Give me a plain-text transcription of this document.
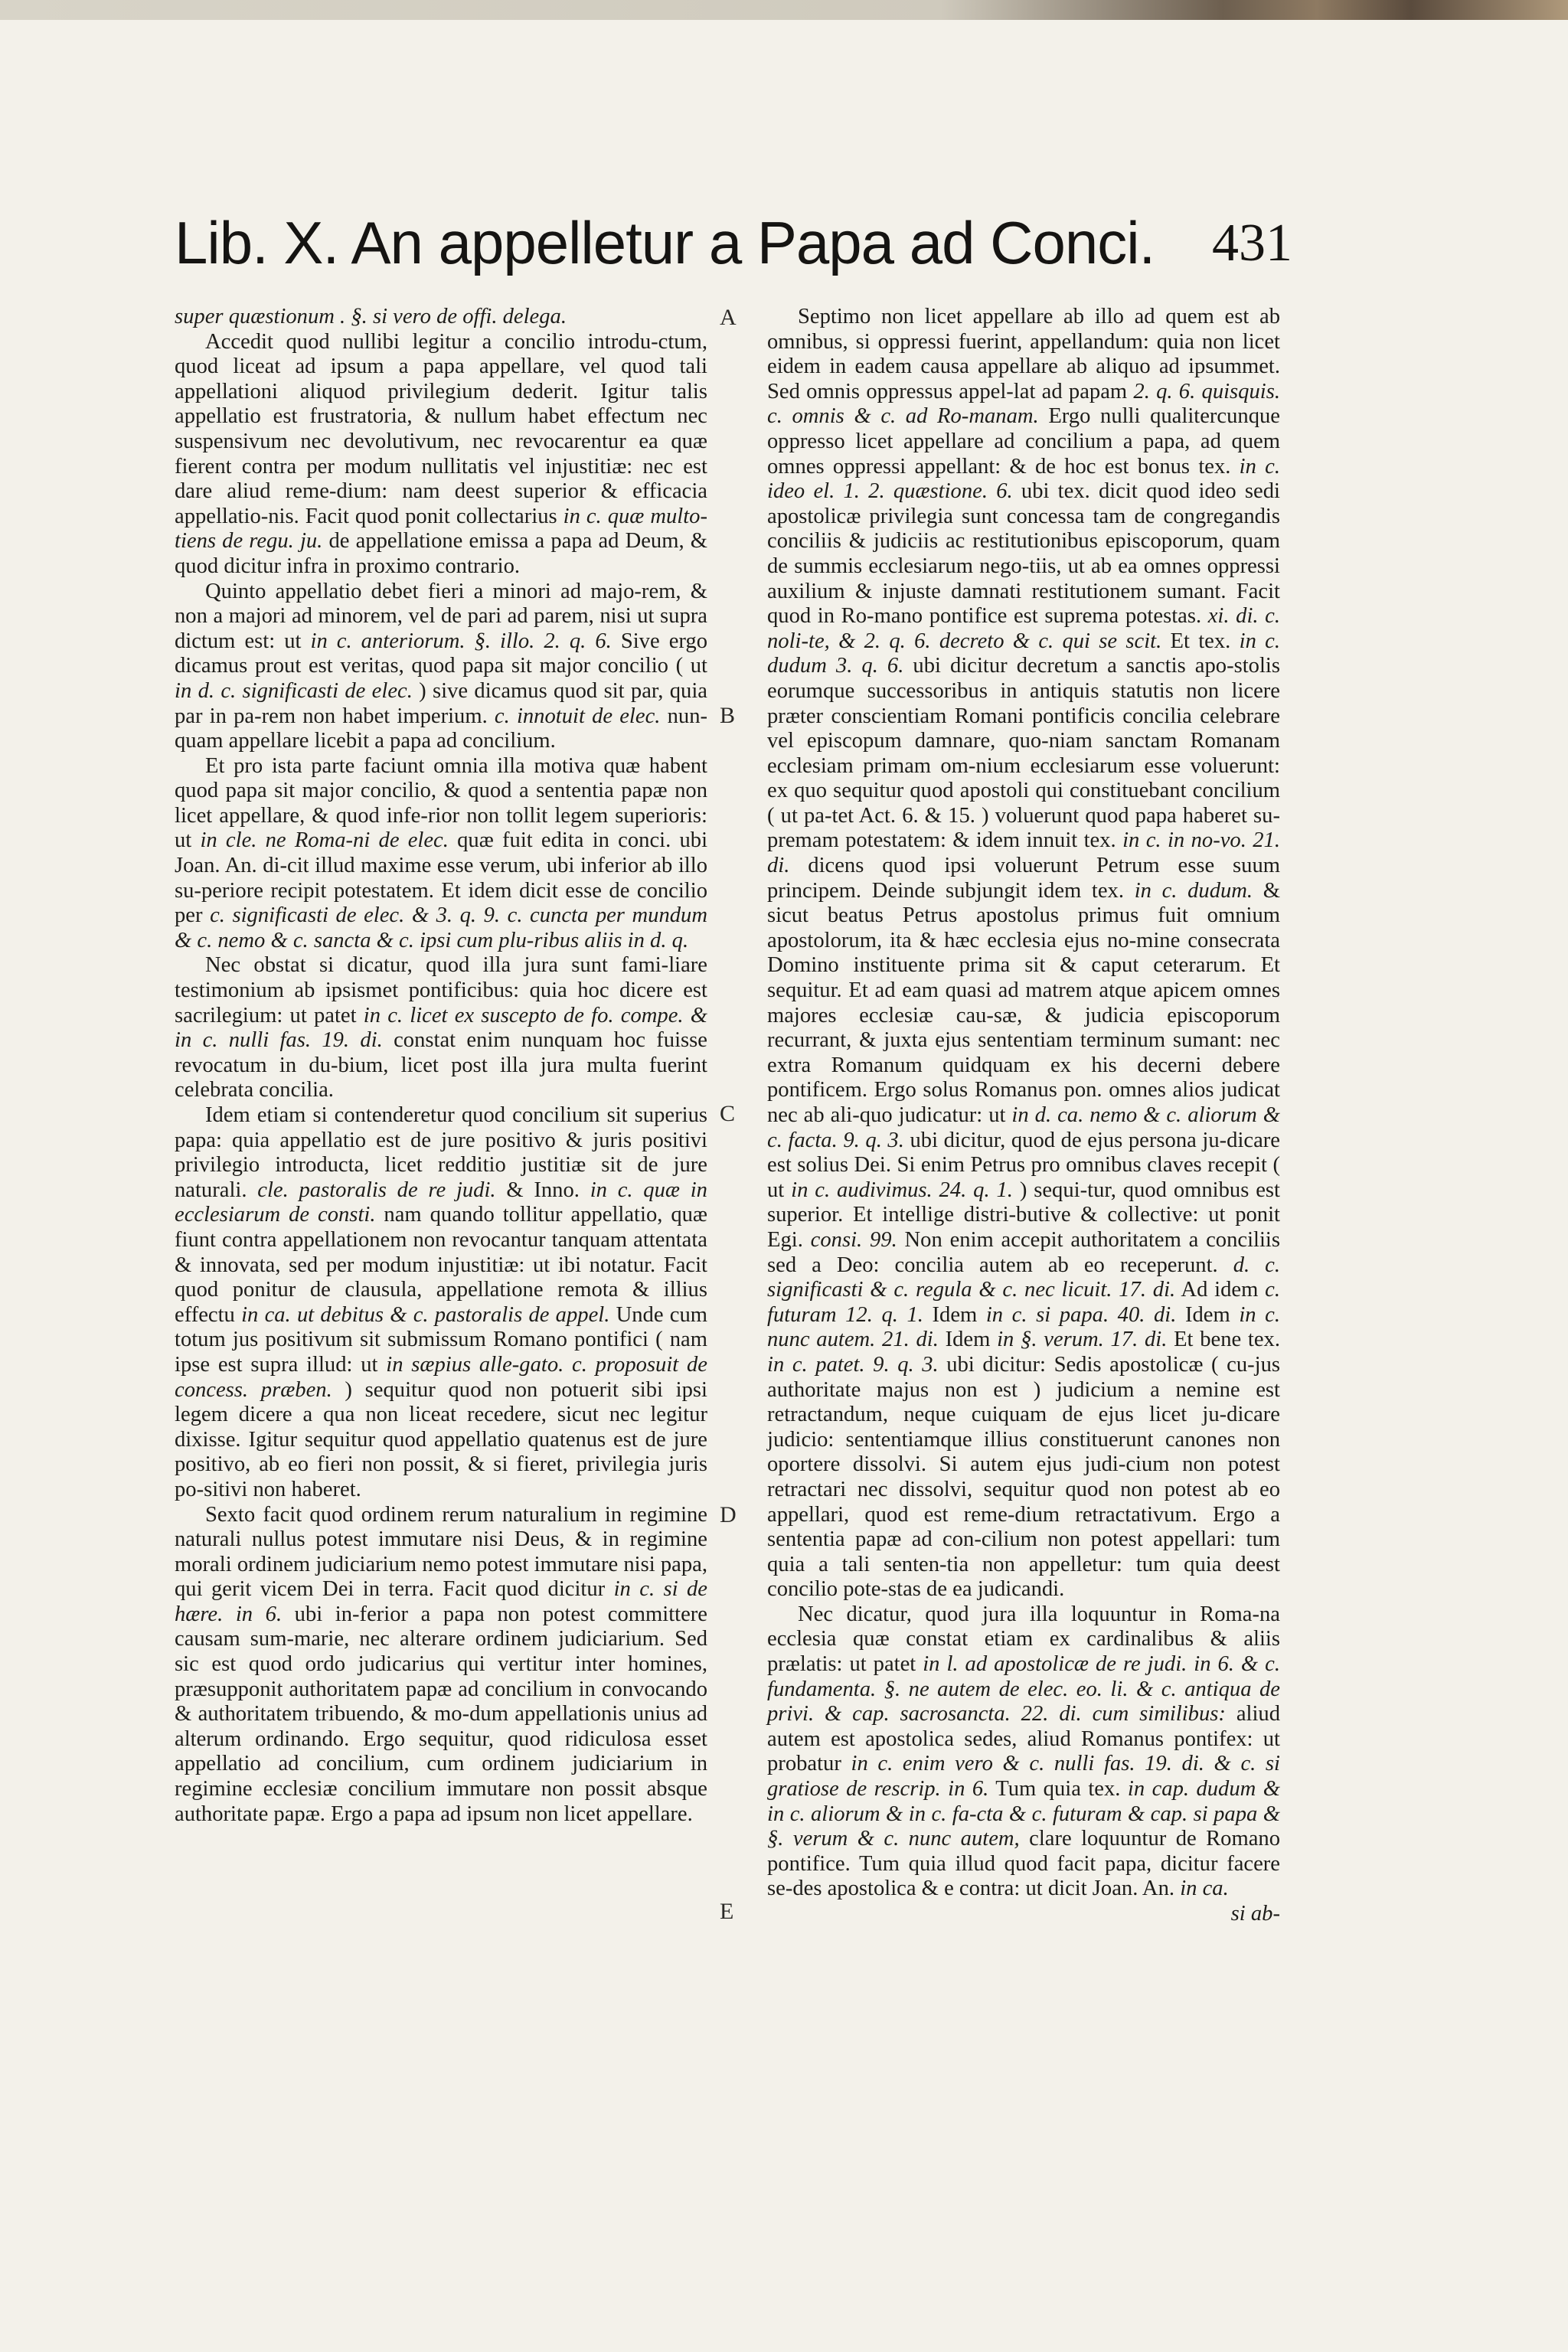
Lib. X. An appelletur a Papa ad Conci. 431

super quæstionum . §. si vero de offi. delega.

Accedit quod nullibi legitur a concilio introdu-ctum, quod liceat ad ipsum a papa appellare, vel quod tali appellationi aliquod privilegium dederit. Igitur talis appellatio est frustratoria, & nullum habet effectum nec suspensivum nec devolutivum, nec revocarentur ea quæ fierent contra per modum nullitatis vel injustitiæ: nec est dare aliud reme-dium: nam deest superior & efficacia appellatio-nis. Facit quod ponit collectarius in c. quæ multo-tiens de regu. ju. de appellatione emissa a papa ad Deum, & quod dicitur infra in proximo contrario.

Quinto appellatio debet fieri a minori ad majo-rem, & non a majori ad minorem, vel de pari ad parem, nisi ut supra dictum est: ut in c. anteriorum. §. illo. 2. q. 6. Sive ergo dicamus prout est veritas, quod papa sit major concilio ( ut in d. c. significasti de elec. ) sive dicamus quod sit par, quia par in pa-rem non habet imperium. c. innotuit de elec. nun-quam appellare licebit a papa ad concilium.

Et pro ista parte faciunt omnia illa motiva quæ habent quod papa sit major concilio, & quod a sententia papæ non licet appellare, & quod infe-rior non tollit legem superioris: ut in cle. ne Roma-ni de elec. quæ fuit edita in conci. ubi Joan. An. di-cit illud maxime esse verum, ubi inferior ab illo su-periore recipit potestatem. Et idem dicit esse de concilio per c. significasti de elec. & 3. q. 9. c. cuncta per mundum & c. nemo & c. sancta & c. ipsi cum plu-ribus aliis in d. q.

Nec obstat si dicatur, quod illa jura sunt fami-liare testimonium ab ipsismet pontificibus: quia hoc dicere est sacrilegium: ut patet in c. licet ex suscepto de fo. compe. & in c. nulli fas. 19. di. constat enim nunquam hoc fuisse revocatum in du-bium, licet post illa jura multa fuerint celebrata concilia.

Idem etiam si contenderetur quod concilium sit superius papa: quia appellatio est de jure positivo & juris positivi privilegio introducta, licet redditio justitiæ sit de jure naturali. cle. pastoralis de re judi. & Inno. in c. quæ in ecclesiarum de consti. nam quando tollitur appellatio, quæ fiunt contra appellationem non revocantur tanquam attentata & innovata, sed per modum injustitiæ: ut ibi notatur. Facit quod ponitur de clausula, appellatione remota & illius effectu in ca. ut debitus & c. pastoralis de appel. Unde cum totum jus positivum sit submissum Romano pontifici ( nam ipse est supra illud: ut in sæpius alle-gato. c. proposuit de concess. præben. ) sequitur quod non potuerit sibi ipsi legem dicere a qua non liceat recedere, sicut nec legitur dixisse. Igitur sequitur quod appellatio quatenus est de jure positivo, ab eo fieri non possit, & si fieret, privilegia juris po-sitivi non haberet.

Sexto facit quod ordinem rerum naturalium in regimine naturali nullus potest immutare nisi Deus, & in regimine morali ordinem judiciarium nemo potest immutare nisi papa, qui gerit vicem Dei in terra. Facit quod dicitur in c. si de hære. in 6. ubi in-ferior a papa non potest committere causam sum-marie, nec alterare ordinem judiciarium. Sed sic est quod ordo judicarius qui vertitur inter homines, præsupponit authoritatem papæ ad concilium in convocando & authoritatem tribuendo, & mo-dum appellationis unius ad alterum ordinando. Ergo sequitur, quod ridiculosa esset appellatio ad concilium, cum ordinem judiciarium in regimine ecclesiæ concilium immutare non possit absque authoritate papæ. Ergo a papa ad ipsum non licet appellare.

Septimo non licet appellare ab illo ad quem est ab omnibus, si oppressi fuerint, appellandum: quia non licet eidem in eadem causa appellare ab aliquo ad ipsummet. Sed omnis oppressus appel-lat ad papam 2. q. 6. quisquis. c. omnis & c. ad Ro-manam. Ergo nulli qualitercunque oppresso licet appellare ad concilium a papa, ad quem omnes oppressi appellant: & de hoc est bonus tex. in c. ideo el. 1. 2. quæstione. 6. ubi tex. dicit quod ideo sedi apostolicæ privilegia sunt concessa tam de congregandis conciliis & judiciis ac restitutionibus episcoporum, quam de summis ecclesiarum nego-tiis, ut ab ea omnes oppressi auxilium & injuste damnati restitutionem sumant. Facit quod in Ro-mano pontifice est suprema potestas. xi. di. c. noli-te, & 2. q. 6. decreto & c. qui se scit. Et tex. in c. dudum 3. q. 6. ubi dicitur decretum a sanctis apo-stolis eorumque successoribus in antiquis statutis non licere præter conscientiam Romani pontificis concilia celebrare vel episcopum damnare, quo-niam sanctam Romanam ecclesiam primam om-nium ecclesiarum esse voluerunt: ex quo sequitur quod apostoli qui constituebant concilium ( ut pa-tet Act. 6. & 15. ) voluerunt quod papa haberet su-premam potestatem: & idem innuit tex. in c. in no-vo. 21. di. dicens quod ipsi voluerunt Petrum esse suum principem. Deinde subjungit idem tex. in c. dudum. & sicut beatus Petrus apostolus primus fuit omnium apostolorum, ita & hæc ecclesia ejus no-mine consecrata Domino instituente prima sit & caput ceterarum. Et sequitur. Et ad eam quasi ad matrem atque apicem omnes majores ecclesiæ cau-sæ, & judicia episcoporum recurrant, & juxta ejus sententiam terminum sumant: nec extra Romanum quidquam ex his decerni debere pontificem. Ergo solus Romanus pon. omnes alios judicat nec ab ali-quo judicatur: ut in d. ca. nemo & c. aliorum & c. facta. 9. q. 3. ubi dicitur, quod de ejus persona ju-dicare est solius Dei. Si enim Petrus pro omnibus claves recepit ( ut in c. audivimus. 24. q. 1. ) sequi-tur, quod omnibus est superior. Et intellige distri-butive & collective: ut ponit Egi. consi. 99. Non enim accepit authoritatem a conciliis sed a Deo: concilia autem ab eo receperunt. d. c. significasti & c. regula & c. nec licuit. 17. di. Ad idem c. futuram 12. q. 1. Idem in c. si papa. 40. di. Idem in c. nunc autem. 21. di. Idem in §. verum. 17. di. Et bene tex. in c. patet. 9. q. 3. ubi dicitur: Sedis apostolicæ ( cu-jus authoritate majus non est ) judicium a nemine est retractandum, neque cuiquam de ejus licet ju-dicare judicio: sententiamque illius constituerunt canones non oportere dissolvi. Si autem ejus judi-cium non potest retractari nec dissolvi, sequitur quod non potest ab eo appellari, quod est reme-dium retractativum. Ergo a sententia papæ ad con-cilium non potest appellari: tum quia a tali senten-tia non appelletur: tum quia deest concilio pote-stas de ea judicandi.

Nec dicatur, quod jura illa loquuntur in Roma-na ecclesia quæ constat etiam ex cardinalibus & aliis prælatis: ut patet in l. ad apostolicæ de re judi. in 6. & c. fundamenta. §. ne autem de elec. eo. li. & c. antiqua de privi. & cap. sacrosancta. 22. di. cum similibus: aliud autem est apostolica sedes, aliud Romanus pontifex: ut probatur in c. enim vero & c. nulli fas. 19. di. & c. si gratiose de rescrip. in 6. Tum quia tex. in cap. dudum & in c. aliorum & in c. fa-cta & c. futuram & cap. si papa & §. verum & c. nunc autem, clare loquuntur de Romano pontifice. Tum quia illud quod facit papa, dicitur facere se-des apostolica & e contra: ut dicit Joan. An. in ca.

si ab-

A
B
C
D
E
